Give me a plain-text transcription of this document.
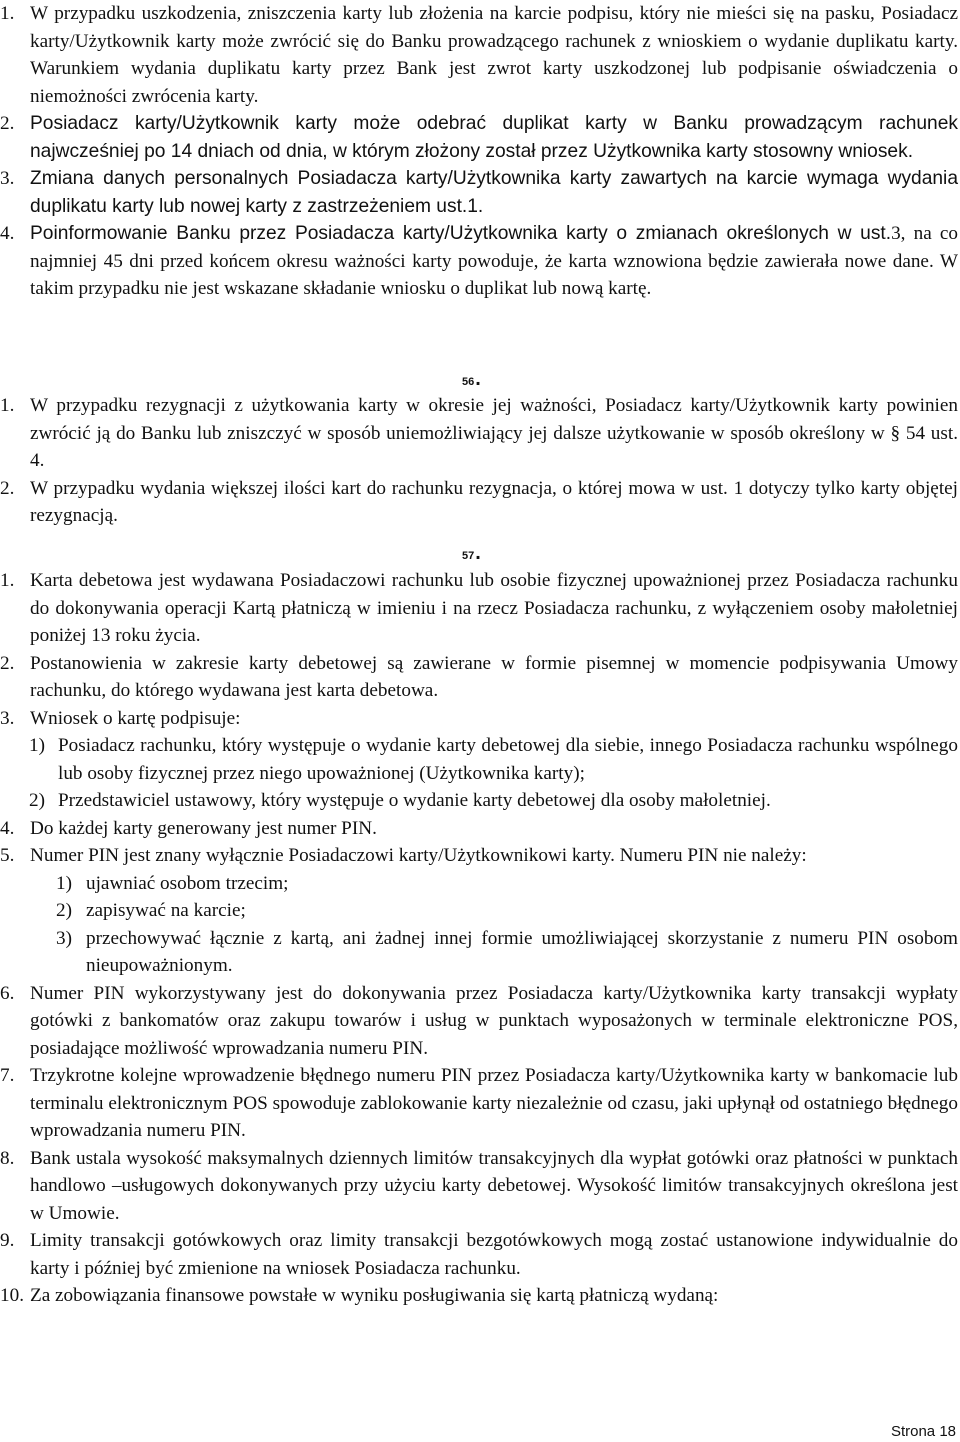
1. W przypadku uszkodzenia, zniszczenia karty lub złożenia na karcie podpisu, który nie mieści się na pasku, Posiadacz karty/Użytkownik karty może zwrócić się do Banku prowadzącego rachunek z wnioskiem o wydanie duplikatu karty. Warunkiem wydania duplikatu karty przez Bank jest zwrot karty uszkodzonej lub podpisanie oświadczenia o niemożności zwrócenia karty.
2. Posiadacz karty/Użytkownik karty może odebrać duplikat karty w Banku prowadzącym rachunek najwcześniej po 14 dniach od dnia, w którym złożony został przez Użytkownika karty stosowny wniosek.
3. Zmiana danych personalnych Posiadacza karty/Użytkownika karty zawartych na karcie wymaga wydania duplikatu karty lub nowej karty z zastrzeżeniem ust.1.
4. Poinformowanie Banku przez Posiadacza karty/Użytkownika karty o zmianach określonych w ust.3, na co najmniej 45 dni przed końcem okresu ważności karty powoduje, że karta wznowiona będzie zawierała nowe dane. W takim przypadku nie jest wskazane składanie wniosku o duplikat lub nową kartę.
56.
1. W przypadku rezygnacji z użytkowania karty w okresie jej ważności, Posiadacz karty/Użytkownik karty powinien zwrócić ją do Banku lub zniszczyć w sposób uniemożliwiający jej dalsze użytkowanie w sposób określony w § 54 ust. 4.
2. W przypadku wydania większej ilości kart do rachunku rezygnacja, o której mowa w ust. 1 dotyczy tylko karty objętej rezygnacją.
57.
1. Karta debetowa jest wydawana Posiadaczowi rachunku lub osobie fizycznej upoważnionej przez Posiadacza rachunku do dokonywania operacji Kartą płatniczą w imieniu i na rzecz Posiadacza rachunku, z wyłączeniem osoby małoletniej poniżej 13 roku życia.
2. Postanowienia w zakresie karty debetowej są zawierane w formie pisemnej w momencie podpisywania Umowy rachunku, do którego wydawana jest karta debetowa.
3. Wniosek o kartę podpisuje:
1) Posiadacz rachunku, który występuje o wydanie karty debetowej dla siebie, innego Posiadacza rachunku wspólnego lub osoby fizycznej przez niego upoważnionej (Użytkownika karty);
2) Przedstawiciel ustawowy, który występuje o wydanie karty debetowej dla osoby małoletniej.
4. Do każdej karty generowany jest numer PIN.
5. Numer PIN jest znany wyłącznie Posiadaczowi karty/Użytkownikowi karty. Numeru PIN nie należy:
1) ujawniać osobom trzecim;
2) zapisywać na karcie;
3) przechowywać łącznie z kartą, ani żadnej innej formie umożliwiającej skorzystanie z numeru PIN osobom nieupoważnionym.
6. Numer PIN wykorzystywany jest do dokonywania przez Posiadacza karty/Użytkownika karty transakcji wypłaty gotówki z bankomatów oraz zakupu towarów i usług w punktach wyposażonych w terminale elektroniczne POS, posiadające możliwość wprowadzania numeru PIN.
7. Trzykrotne kolejne wprowadzenie błędnego numeru PIN przez Posiadacza karty/Użytkownika karty w bankomacie lub terminalu elektronicznym POS spowoduje zablokowanie karty niezależnie od czasu, jaki upłynął od ostatniego błędnego wprowadzania numeru PIN.
8. Bank ustala wysokość maksymalnych dziennych limitów transakcyjnych dla wypłat gotówki oraz płatności w punktach handlowo –usługowych dokonywanych przy użyciu karty debetowej. Wysokość limitów transakcyjnych określona jest w Umowie.
9. Limity transakcji gotówkowych oraz limity transakcji bezgotówkowych mogą zostać ustanowione indywidualnie do karty i później być zmienione na wniosek Posiadacza rachunku.
10. Za zobowiązania finansowe powstałe w wyniku posługiwania się kartą płatniczą wydaną:
Strona 18
